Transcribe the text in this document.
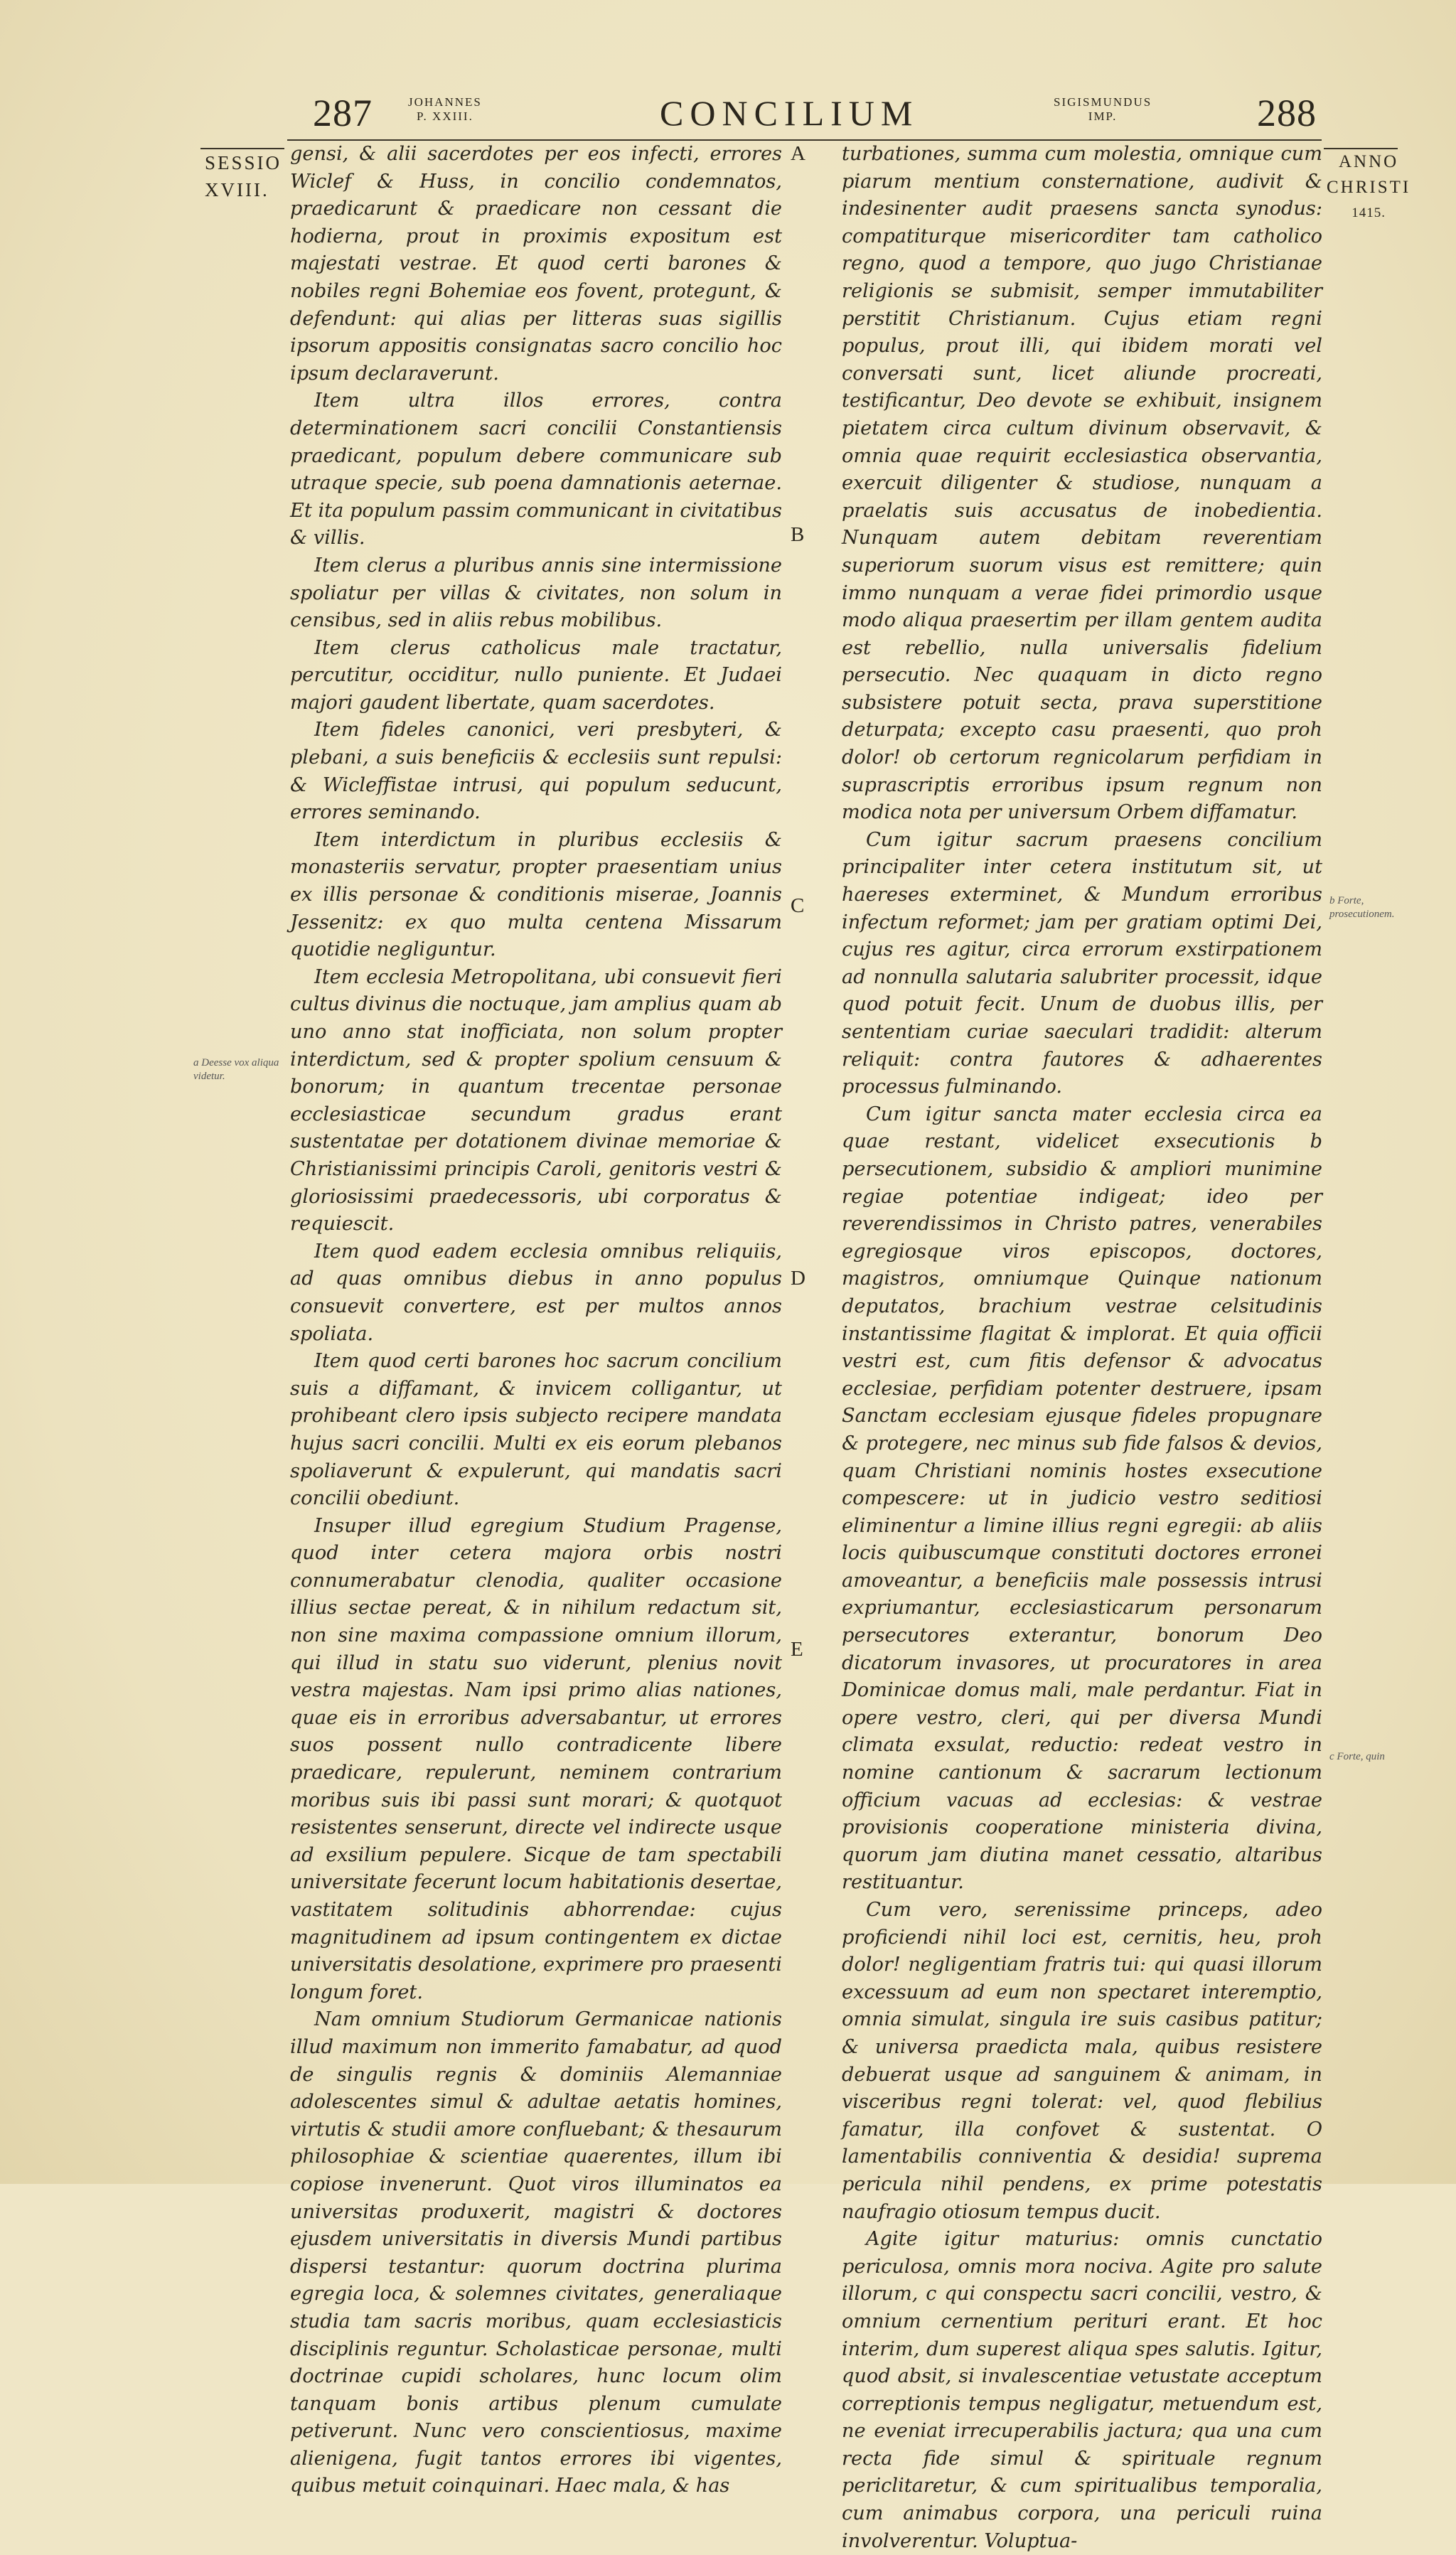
287	JOHANNES
P. XXIII.	CONCILIUM	SIGISMUNDUS
IMP.	288
SESSIO
XVIII.
ANNO
CHRISTI
1415.

gensi, & alii sacerdotes per eos infecti, errores Wiclef & Huss, in concilio condemnatos, praedicarunt & praedicare non cessant die hodierna, prout in proximis expositum est majestati vestrae. Et quod certi barones & nobiles regni Bohemiae eos fovent, protegunt, & defendunt: qui alias per litteras suas sigillis ipsorum appositis consignatas sacro concilio hoc ipsum declaraverunt.

Item ultra illos errores, contra determinationem sacri concilii Constantiensis praedicant, populum debere communicare sub utraque specie, sub poena damnationis aeternae. Et ita populum passim communicant in civitatibus & villis.

Item clerus a pluribus annis sine intermissione spoliatur per villas & civitates, non solum in censibus, sed in aliis rebus mobilibus.

Item clerus catholicus male tractatur, percutitur, occiditur, nullo puniente. Et Judaei majori gaudent libertate, quam sacerdotes.

Item fideles canonici, veri presbyteri, & plebani, a suis beneficiis & ecclesiis sunt repulsi: & Wicleffistae intrusi, qui populum seducunt, errores seminando.

Item interdictum in pluribus ecclesiis & monasteriis servatur, propter praesentiam unius ex illis personae & conditionis miserae, Joannis Jessenitz: ex quo multa centena Missarum quotidie negliguntur.

Item ecclesia Metropolitana, ubi consuevit fieri cultus divinus die noctuque, jam amplius quam ab uno anno stat inofficiata, non solum propter interdictum, sed & propter spolium censuum & bonorum; in quantum trecentae personae ecclesiasticae secundum gradus erant sustentatae per dotationem divinae memoriae & Christianissimi principis Caroli, genitoris vestri & gloriosissimi praedecessoris, ubi corporatus & requiescit.

Item quod eadem ecclesia omnibus reliquiis, ad quas omnibus diebus in anno populus consuevit convertere, est per multos annos spoliata.

Item quod certi barones hoc sacrum concilium suis a diffamant, & invicem colligantur, ut prohibeant clero ipsis subjecto recipere mandata hujus sacri concilii. Multi ex eis eorum plebanos spoliaverunt & expulerunt, qui mandatis sacri concilii obediunt.

Insuper illud egregium Studium Pragense, quod inter cetera majora orbis nostri connumerabatur clenodia, qualiter occasione illius sectae pereat, & in nihilum redactum sit, non sine maxima compassione omnium illorum, qui illud in statu suo viderunt, plenius novit vestra majestas. Nam ipsi primo alias nationes, quae eis in erroribus adversabantur, ut errores suos possent nullo contradicente libere praedicare, repulerunt, neminem contrarium moribus suis ibi passi sunt morari; & quotquot resistentes senserunt, directe vel indirecte usque ad exsilium pepulere. Sicque de tam spectabili universitate fecerunt locum habitationis desertae, vastitatem solitudinis abhorrendae: cujus magnitudinem ad ipsum contingentem ex dictae universitatis desolatione, exprimere pro praesenti longum foret.

Nam omnium Studiorum Germanicae nationis illud maximum non immerito famabatur, ad quod de singulis regnis & dominiis Alemanniae adolescentes simul & adultae aetatis homines, virtutis & studii amore confluebant; & thesaurum philosophiae & scientiae quaerentes, illum ibi copiose invenerunt. Quot viros illuminatos ea universitas produxerit, magistri & doctores ejusdem universitatis in diversis Mundi partibus dispersi testantur: quorum doctrina plurima egregia loca, & solemnes civitates, generaliaque studia tam sacris moribus, quam ecclesiasticis disciplinis reguntur. Scholasticae personae, multi doctrinae cupidi scholares, hunc locum olim tanquam bonis artibus plenum cumulate petiverunt. Nunc vero conscientiosus, maxime alienigena, fugit tantos errores ibi vigentes, quibus metuit coinquinari. Haec mala, & has

A
B
C
D
E

turbationes, summa cum molestia, omnique cum piarum mentium consternatione, audivit & indesinenter audit praesens sancta synodus: compatiturque misericorditer tam catholico regno, quod a tempore, quo jugo Christianae religionis se submisit, semper immutabiliter perstitit Christianum. Cujus etiam regni populus, prout illi, qui ibidem morati vel conversati sunt, licet aliunde procreati, testificantur, Deo devote se exhibuit, insignem pietatem circa cultum divinum observavit, & omnia quae requirit ecclesiastica observantia, exercuit diligenter & studiose, nunquam a praelatis suis accusatus de inobedientia. Nunquam autem debitam reverentiam superiorum suorum visus est remittere; quin immo nunquam a verae fidei primordio usque modo aliqua praesertim per illam gentem audita est rebellio, nulla universalis fidelium persecutio. Nec quaquam in dicto regno subsistere potuit secta, prava superstitione deturpata; excepto casu praesenti, quo proh dolor! ob certorum regnicolarum perfidiam in suprascriptis erroribus ipsum regnum non modica nota per universum Orbem diffamatur.

Cum igitur sacrum praesens concilium principaliter inter cetera institutum sit, ut haereses exterminet, & Mundum erroribus infectum reformet; jam per gratiam optimi Dei, cujus res agitur, circa errorum exstirpationem ad nonnulla salutaria salubriter processit, idque quod potuit fecit. Unum de duobus illis, per sententiam curiae saeculari tradidit: alterum reliquit: contra fautores & adhaerentes processus fulminando.

Cum igitur sancta mater ecclesia circa ea quae restant, videlicet exsecutionis b persecutionem, subsidio & ampliori munimine regiae potentiae indigeat; ideo per reverendissimos in Christo patres, venerabiles egregiosque viros episcopos, doctores, magistros, omniumque Quinque nationum deputatos, brachium vestrae celsitudinis instantissime flagitat & implorat. Et quia officii vestri est, cum fitis defensor & advocatus ecclesiae, perfidiam potenter destruere, ipsam Sanctam ecclesiam ejusque fideles propugnare & protegere, nec minus sub fide falsos & devios, quam Christiani nominis hostes exsecutione compescere: ut in judicio vestro seditiosi eliminentur a limine illius regni egregii: ab aliis locis quibuscumque constituti doctores erronei amoveantur, a beneficiis male possessis intrusi expriumantur, ecclesiasticarum personarum persecutores exterantur, bonorum Deo dicatorum invasores, ut procuratores in area Dominicae domus mali, male perdantur. Fiat in opere vestro, cleri, qui per diversa Mundi climata exsulat, reductio: redeat vestro in nomine cantionum & sacrarum lectionum officium vacuas ad ecclesias: & vestrae provisionis cooperatione ministeria divina, quorum jam diutina manet cessatio, altaribus restituantur.

Cum vero, serenissime princeps, adeo proficiendi nihil loci est, cernitis, heu, proh dolor! negligentiam fratris tui: qui quasi illorum excessuum ad eum non spectaret interemptio, omnia simulat, singula ire suis casibus patitur; & universa praedicta mala, quibus resistere debuerat usque ad sanguinem & animam, in visceribus regni tolerat: vel, quod flebilius famatur, illa confovet & sustentat. O lamentabilis conniventia & desidia! suprema pericula nihil pendens, ex prime potestatis naufragio otiosum tempus ducit.

Agite igitur maturius: omnis cunctatio periculosa, omnis mora nociva. Agite pro salute illorum, c qui conspectu sacri concilii, vestro, & omnium cernentium perituri erant. Et hoc interim, dum superest aliqua spes salutis. Igitur, quod absit, si invalescentiae vetustate acceptum correptionis tempus negligatur, metuendum est, ne eveniat irrecuperabilis jactura; qua una cum recta fide simul & spirituale regnum periclitaretur, & cum spiritualibus temporalia, cum animabus corpora, una periculi ruina involverentur. Voluptua-

a Deesse vox aliqua videtur.
b Forte, prosecutionem.
c Forte, quin
